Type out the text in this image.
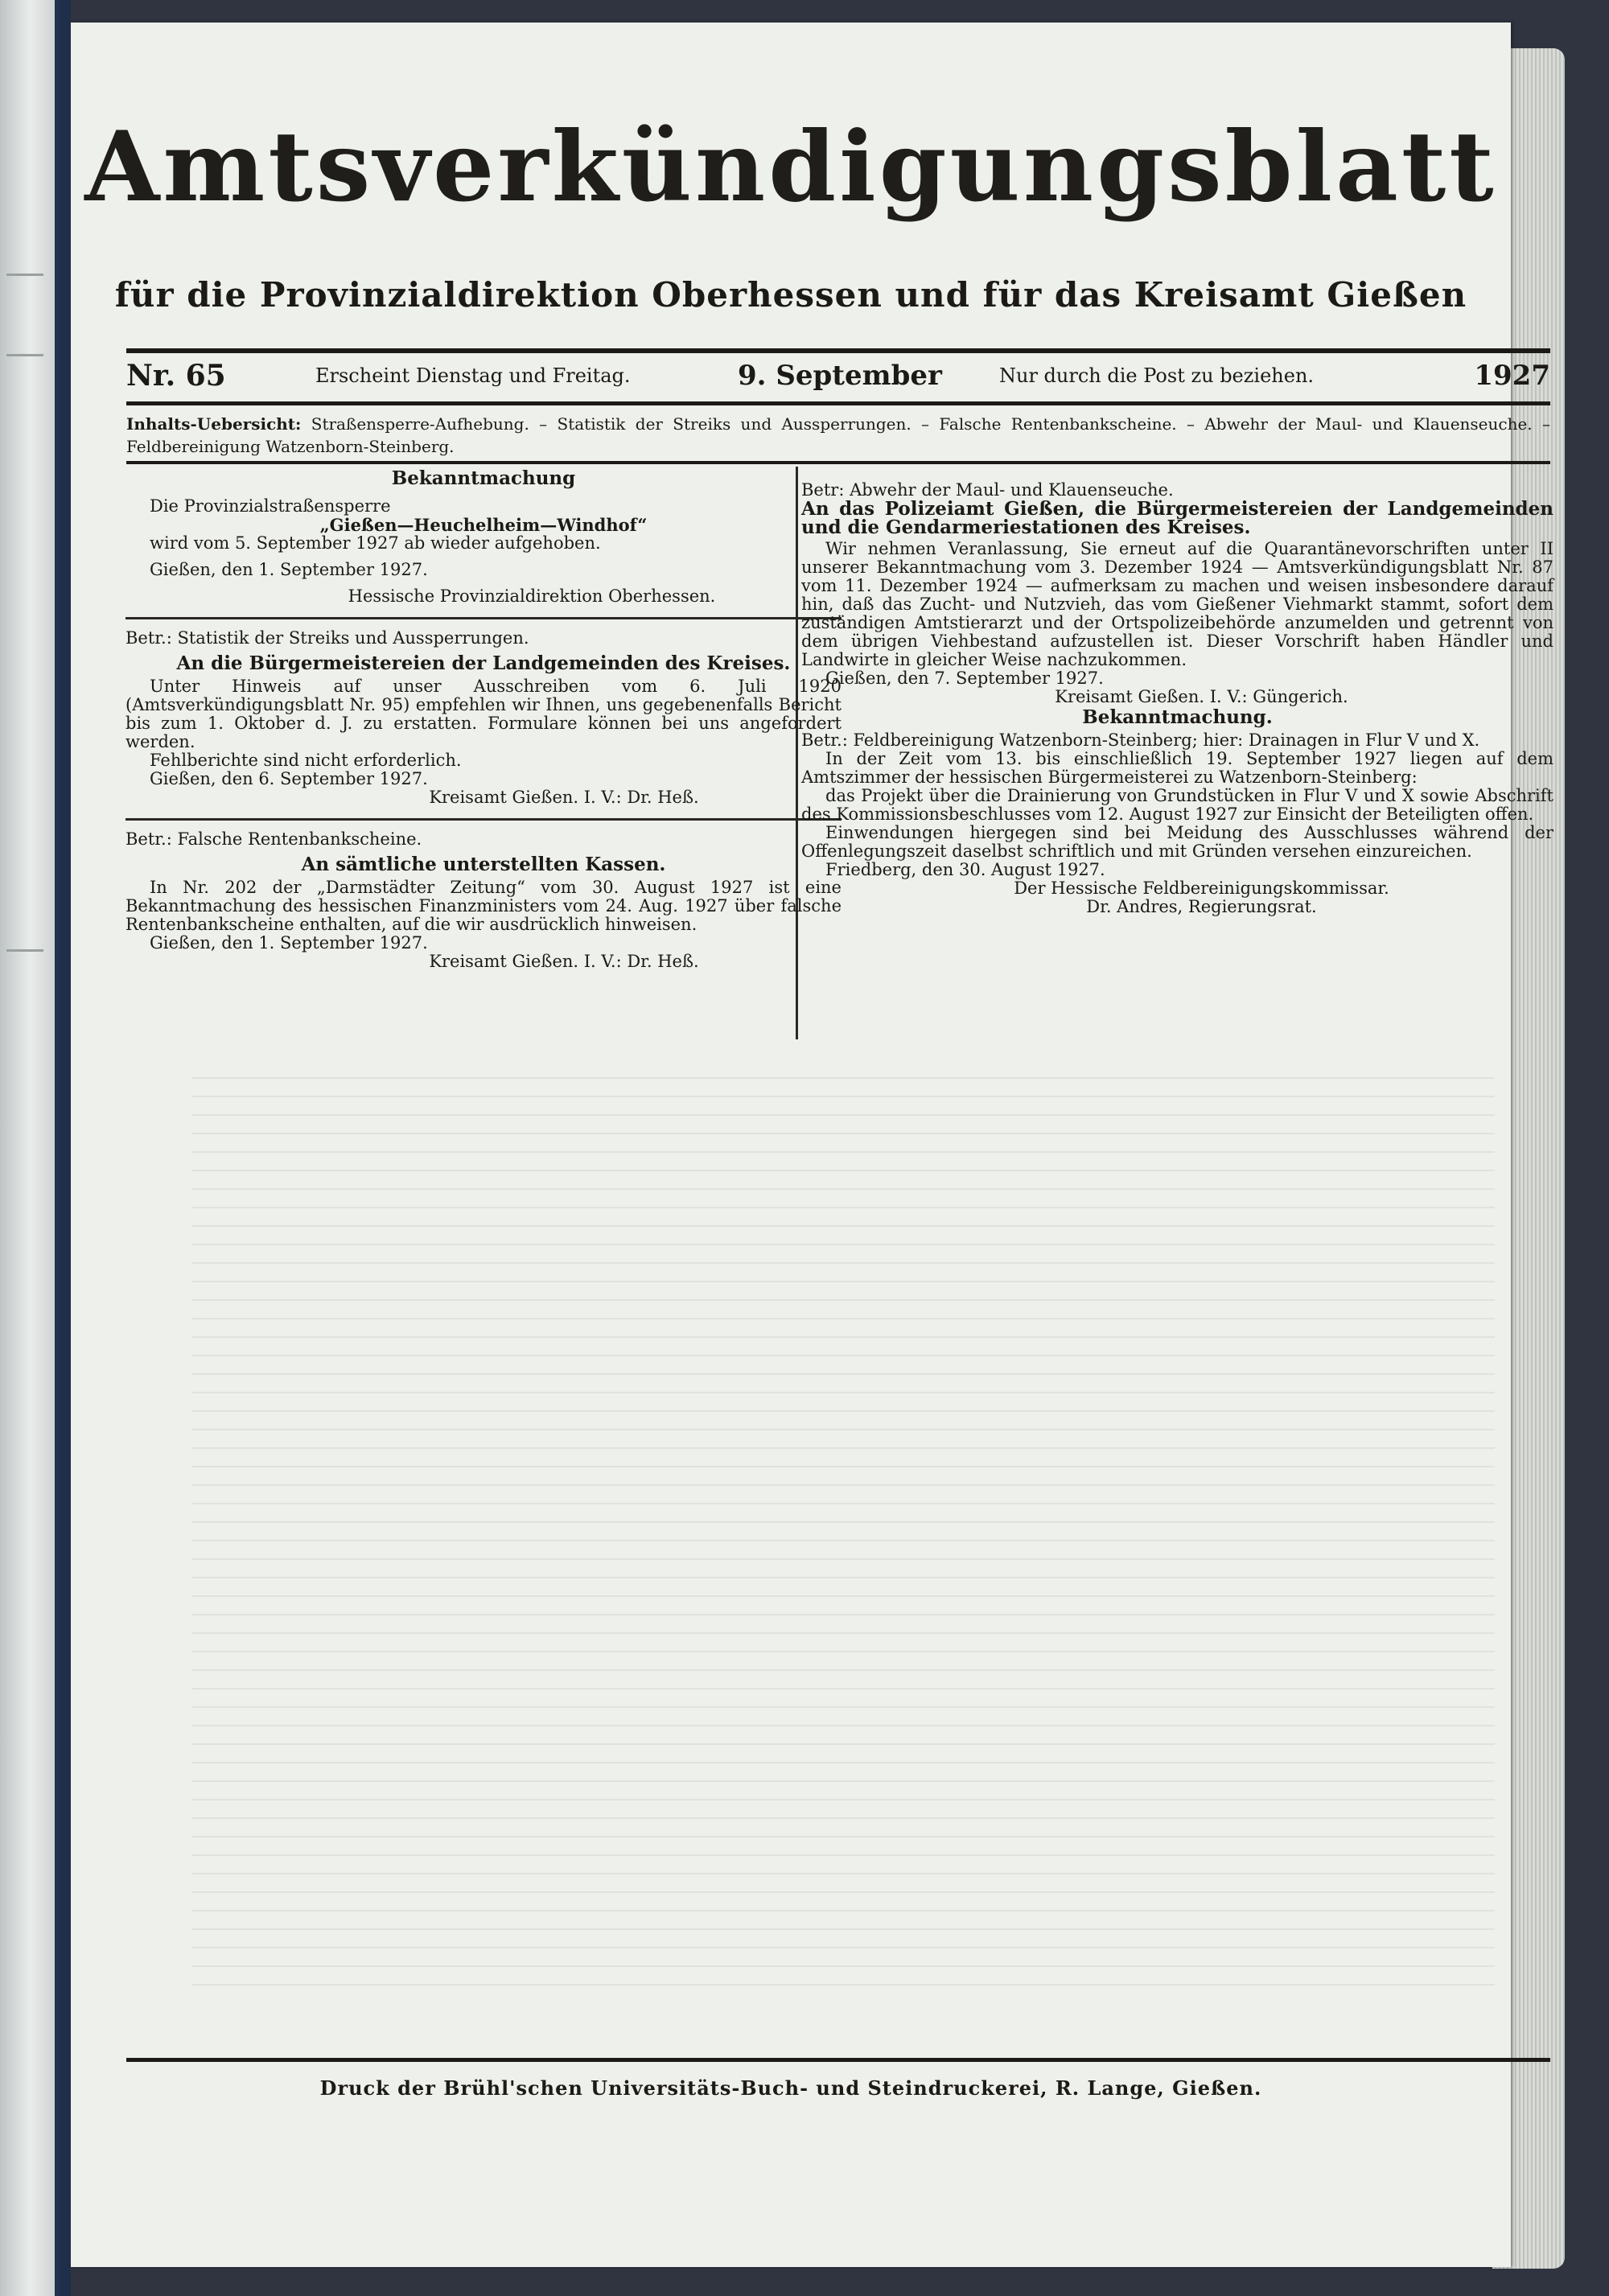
Amtsverkündigungsblatt
für die Provinzialdirektion Oberhessen und für das Kreisamt Gießen
Nr. 65	Erscheint Dienstag und Freitag.	9. September	Nur durch die Post zu beziehen.	1927
Inhalts-Uebersicht: Straßensperre-Aufhebung. – Statistik der Streiks und Aussperrungen. – Falsche Rentenbankscheine. – Abwehr der Maul- und Klauenseuche. – Feldbereinigung Watzenborn-Steinberg.

Bekanntmachung

Die Provinzialstraßensperre

„Gießen—Heuchelheim—Windhof“

wird vom 5. September 1927 ab wieder aufgehoben.

Gießen, den 1. September 1927.

Hessische Provinzialdirektion Oberhessen.

Betr.: Statistik der Streiks und Aussperrungen.

An die Bürgermeistereien der Landgemeinden des Kreises.

Unter Hinweis auf unser Ausschreiben vom 6. Juli 1920 (Amtsverkündigungsblatt Nr. 95) empfehlen wir Ihnen, uns gegebenenfalls Bericht bis zum 1. Oktober d. J. zu erstatten. Formulare können bei uns angefordert werden.

Fehlberichte sind nicht erforderlich.

Gießen, den 6. September 1927.

Kreisamt Gießen. I. V.: Dr. Heß.

Betr.: Falsche Rentenbankscheine.

An sämtliche unterstellten Kassen.

In Nr. 202 der „Darmstädter Zeitung“ vom 30. August 1927 ist eine Bekanntmachung des hessischen Finanzministers vom 24. Aug. 1927 über falsche Rentenbankscheine enthalten, auf die wir ausdrücklich hinweisen.

Gießen, den 1. September 1927.

Kreisamt Gießen. I. V.: Dr. Heß.

Betr: Abwehr der Maul- und Klauenseuche.

An das Polizeiamt Gießen, die Bürgermeistereien der Landgemeinden und die Gendarmeriestationen des Kreises.

Wir nehmen Veranlassung, Sie erneut auf die Quarantänevorschriften unter II unserer Bekanntmachung vom 3. Dezember 1924 — Amtsverkündigungsblatt Nr. 87 vom 11. Dezember 1924 — aufmerksam zu machen und weisen insbesondere darauf hin, daß das Zucht- und Nutzvieh, das vom Gießener Viehmarkt stammt, sofort dem zuständigen Amtstierarzt und der Ortspolizeibehörde anzumelden und getrennt von dem übrigen Viehbestand aufzustellen ist. Dieser Vorschrift haben Händler und Landwirte in gleicher Weise nachzukommen.

Gießen, den 7. September 1927.

Kreisamt Gießen. I. V.: Güngerich.

Bekanntmachung.

Betr.: Feldbereinigung Watzenborn-Steinberg; hier: Drainagen in Flur V und X.

In der Zeit vom 13. bis einschließlich 19. September 1927 liegen auf dem Amtszimmer der hessischen Bürgermeisterei zu Watzenborn-Steinberg:

das Projekt über die Drainierung von Grundstücken in Flur V und X sowie Abschrift des Kommissionsbeschlusses vom 12. August 1927 zur Einsicht der Beteiligten offen.

Einwendungen hiergegen sind bei Meidung des Ausschlusses während der Offenlegungszeit daselbst schriftlich und mit Gründen versehen einzureichen.

Friedberg, den 30. August 1927.

Der Hessische Feldbereinigungskommissar.

Dr. Andres, Regierungsrat.

Druck der Brühl'schen Universitäts-Buch- und Steindruckerei, R. Lange, Gießen.
